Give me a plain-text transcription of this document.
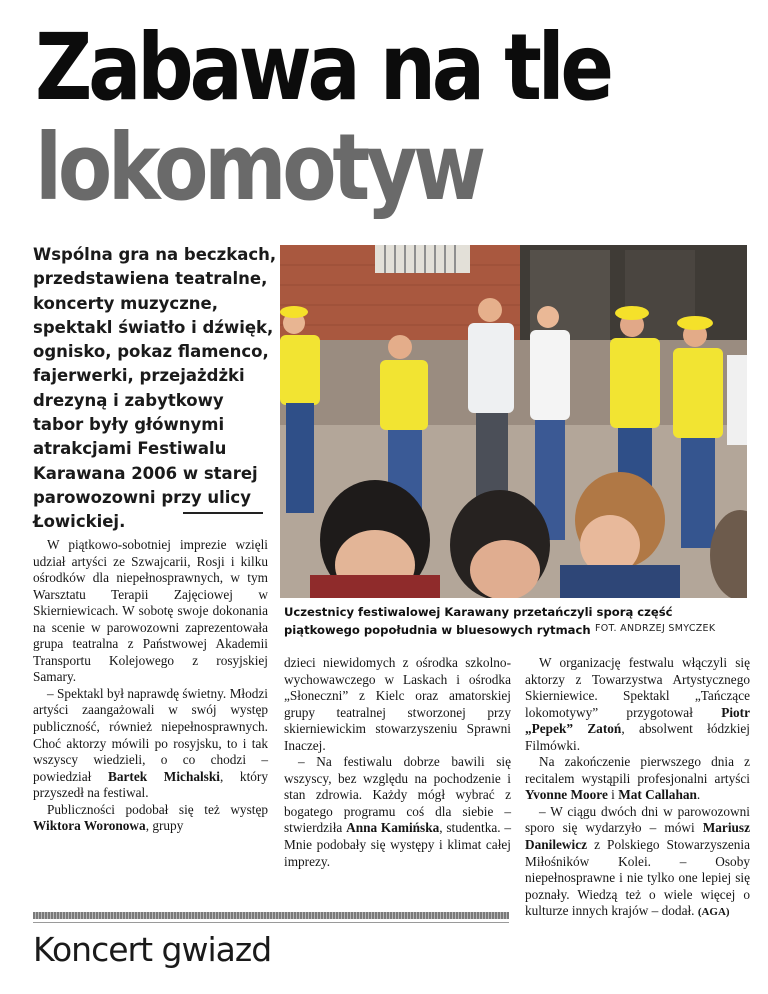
Zabawa na tle
lokomotyw

Wspólna gra na beczkach, przedstawiena teatralne, koncerty muzyczne, spektakl światło i dźwięk, ognisko, pokaz flamenco, fajerwerki, przejażdżki drezyną i zabytkowy tabor były głównymi atrakcjami Festiwalu Karawana 2006 w starej parowozowni przy ulicy Łowickiej.

Uczestnicy festiwalowej Karawany przetańczyli sporą część piątkowego popołudnia w bluesowych rytmach FOT. ANDRZEJ SMYCZEK

W piątkowo-sobotniej imprezie wzięli udział artyści ze Szwajcarii, Rosji i kilku ośrodków dla niepełnosprawnych, w tym Warsztatu Terapii Zajęciowej w Skierniewicach. W sobotę swoje dokonania na scenie w parowozowni zaprezentowała grupa teatralna z Państwowej Akademii Transportu Kolejowego z rosyjskiej Samary.

– Spektakl był naprawdę świetny. Młodzi artyści zaangażowali w swój występ publiczność, również niepełnosprawnych. Choć aktorzy mówili po rosyjsku, to i tak wszyscy wiedzieli, o co chodzi – powiedział Bartek Michalski, który przyszedł na festiwal.

Publiczności podobał się też występ Wiktora Woronowa, grupy

dzieci niewidomych z ośrodka szkolno-wychowawczego w Laskach i ośrodka „Słoneczni” z Kielc oraz amatorskiej grupy teatralnej stworzonej przy skierniewickim stowarzyszeniu Sprawni Inaczej.

– Na festiwalu dobrze bawili się wszyscy, bez względu na pochodzenie i stan zdrowia. Każdy mógł wybrać z bogatego programu coś dla siebie – stwierdziła Anna Kamińska, studentka. – Mnie podobały się występy i klimat całej imprezy.

W organizację festwalu włączyli się aktorzy z Towarzystwa Artystycznego Skierniewice. Spektakl „Tańczące lokomotywy” przygotował Piotr „Pepek” Zatoń, absolwent łódzkiej Filmówki.

Na zakończenie pierwszego dnia z recitalem wystąpili profesjonalni artyści Yvonne Moore i Mat Callahan.

– W ciągu dwóch dni w parowozowni sporo się wydarzyło – mówi Mariusz Danilewicz z Polskiego Stowarzyszenia Miłośników Kolei. – Osoby niepełnosprawne i nie tylko one lepiej się poznały. Wiedzą też o wiele więcej o kulturze innych krajów – dodał. (AGA)

Koncert gwiazd
